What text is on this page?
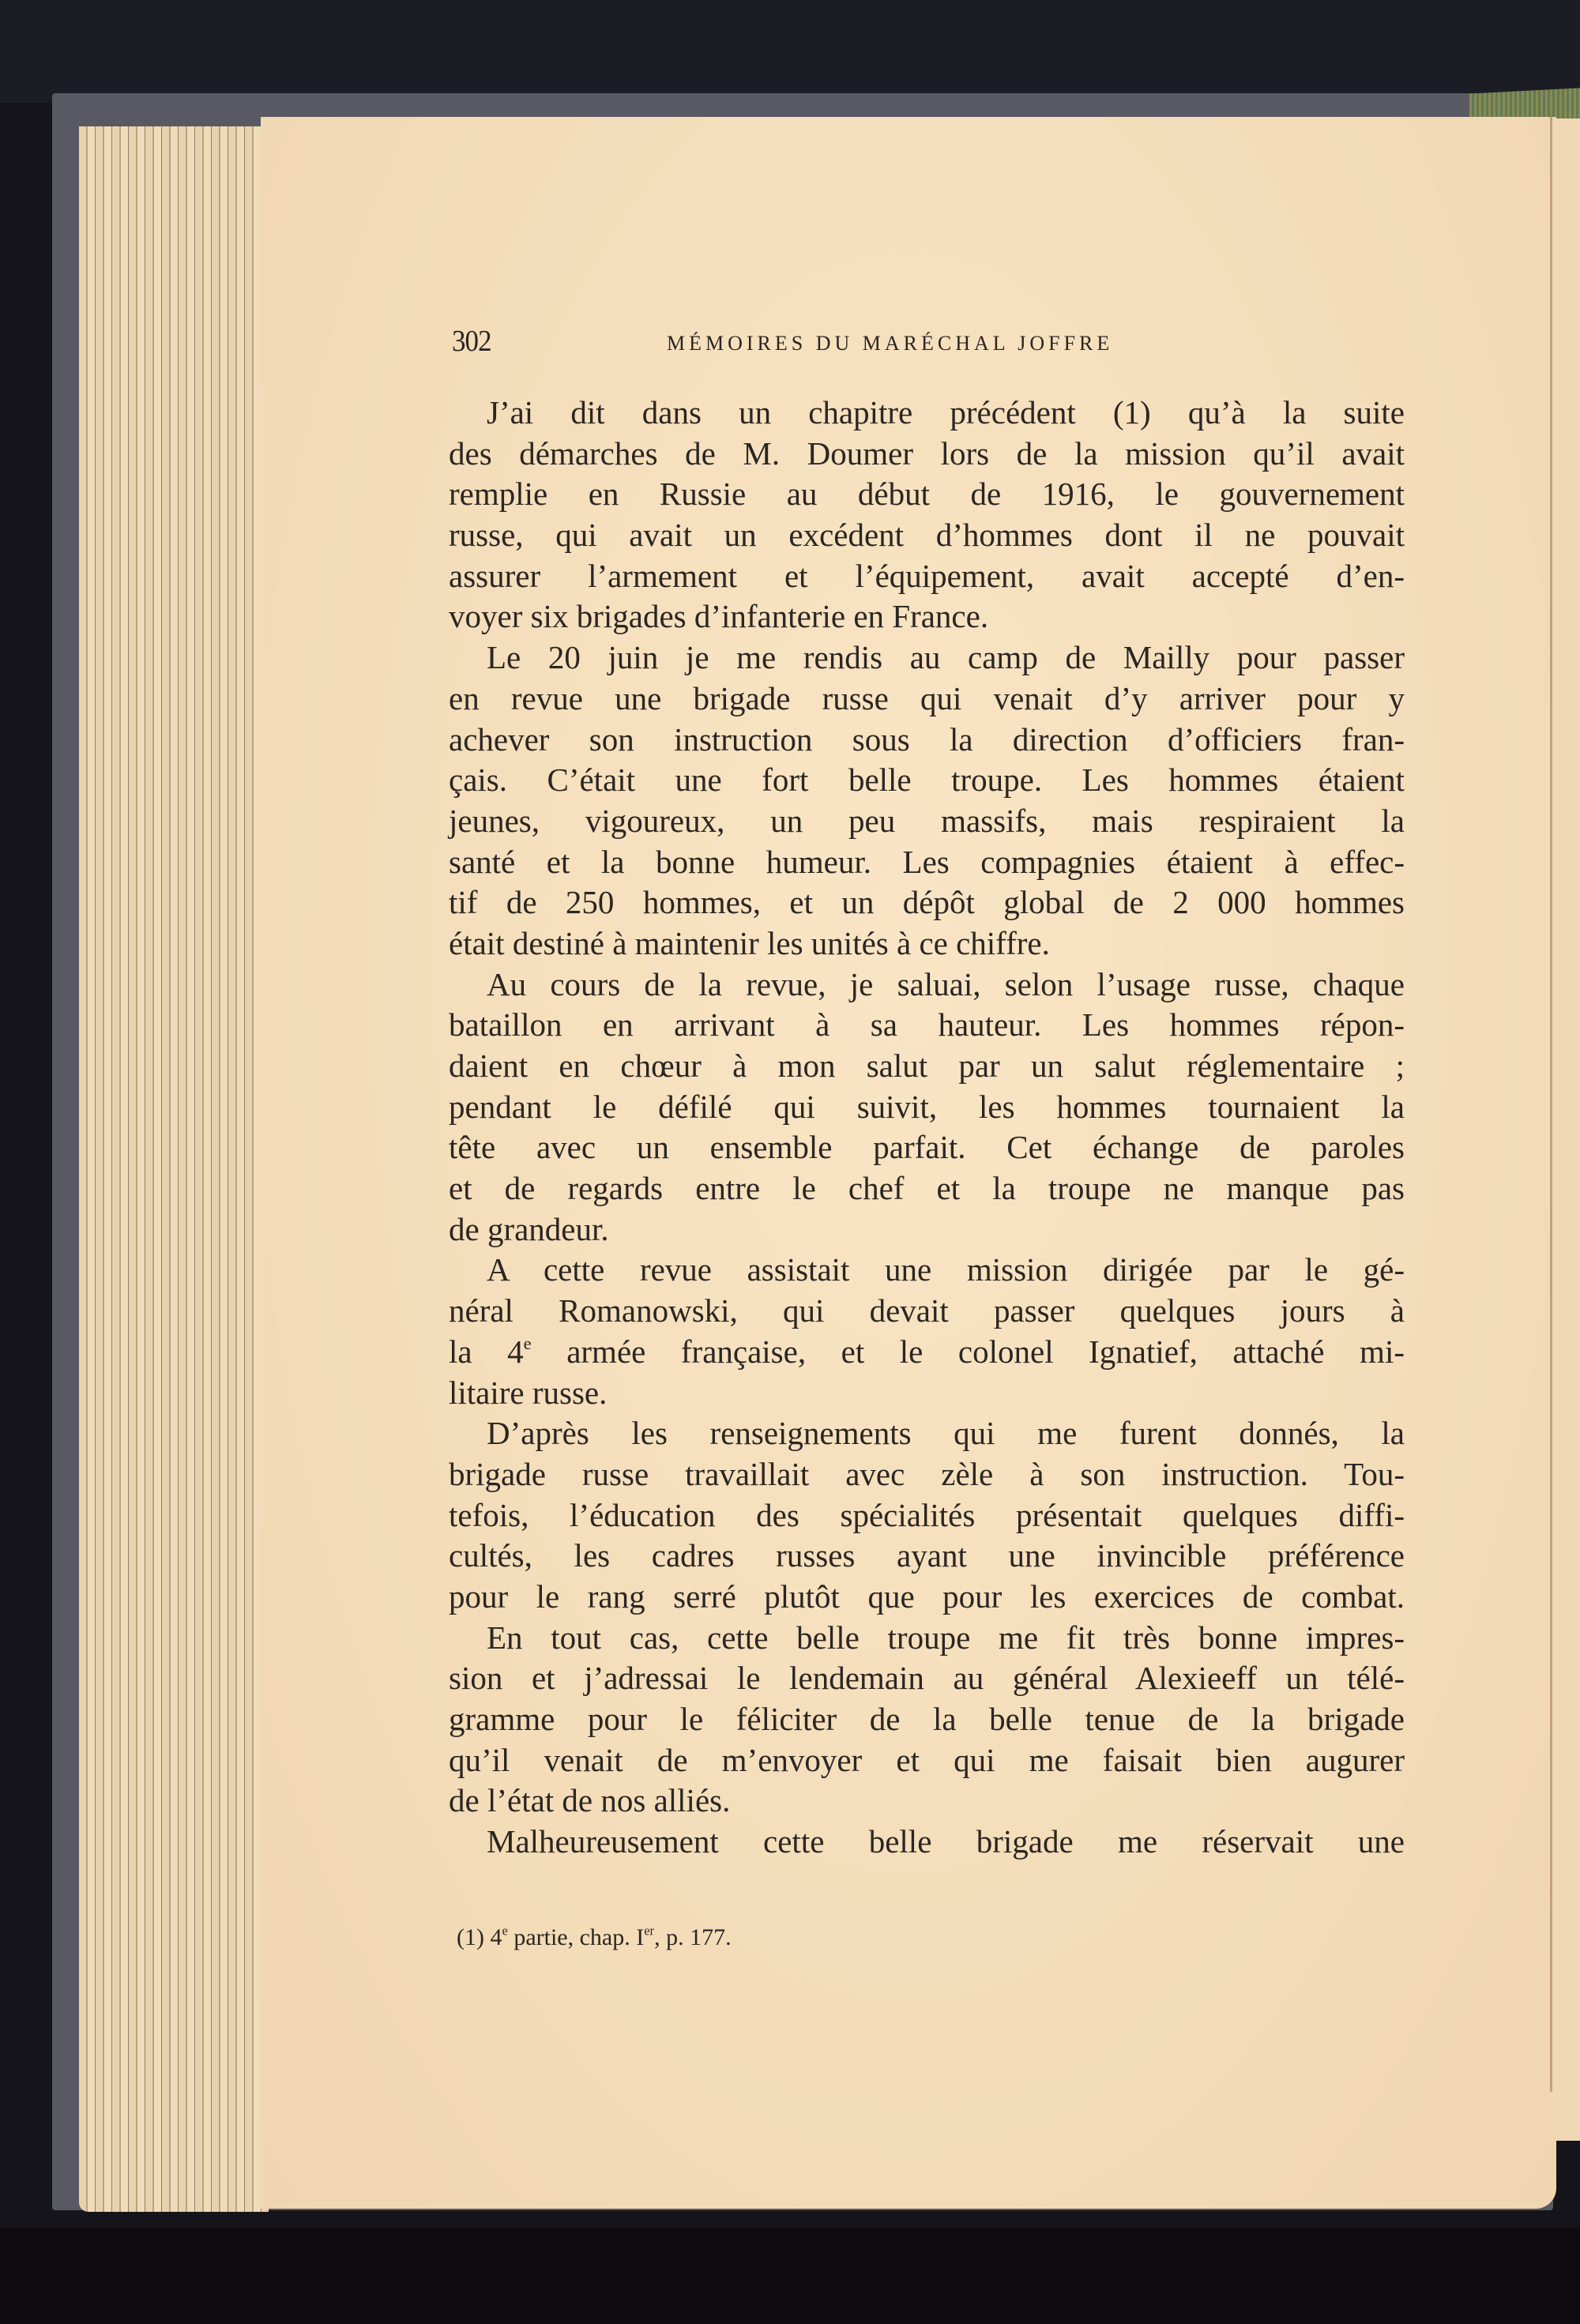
302	MÉMOIRES DU MARÉCHAL JOFFRE
J’ai dit dans un chapitre précédent (1) qu’à la suite
des démarches de M. Doumer lors de la mission qu’il avait
remplie en Russie au début de 1916, le gouvernement
russe, qui avait un excédent d’hommes dont il ne pouvait
assurer l’armement et l’équipement, avait accepté d’en-
voyer six brigades d’infanterie en France.
Le 20 juin je me rendis au camp de Mailly pour passer
en revue une brigade russe qui venait d’y arriver pour y
achever son instruction sous la direction d’officiers fran-
çais. C’était une fort belle troupe. Les hommes étaient
jeunes, vigoureux, un peu massifs, mais respiraient la
santé et la bonne humeur. Les compagnies étaient à effec-
tif de 250 hommes, et un dépôt global de 2 000 hommes
était destiné à maintenir les unités à ce chiffre.
Au cours de la revue, je saluai, selon l’usage russe, chaque
bataillon en arrivant à sa hauteur. Les hommes répon-
daient en chœur à mon salut par un salut réglementaire ;
pendant le défilé qui suivit, les hommes tournaient la
tête avec un ensemble parfait. Cet échange de paroles
et de regards entre le chef et la troupe ne manque pas
de grandeur.
A cette revue assistait une mission dirigée par le gé-
néral Romanowski, qui devait passer quelques jours à
la 4e armée française, et le colonel Ignatief, attaché mi-
litaire russe.
D’après les renseignements qui me furent donnés, la
brigade russe travaillait avec zèle à son instruction. Tou-
tefois, l’éducation des spécialités présentait quelques diffi-
cultés, les cadres russes ayant une invincible préférence
pour le rang serré plutôt que pour les exercices de combat.
En tout cas, cette belle troupe me fit très bonne impres-
sion et j’adressai le lendemain au général Alexieeff un télé-
gramme pour le féliciter de la belle tenue de la brigade
qu’il venait de m’envoyer et qui me faisait bien augurer
de l’état de nos alliés.
Malheureusement cette belle brigade me réservait une
(1) 4e partie, chap. Ier, p. 177.
